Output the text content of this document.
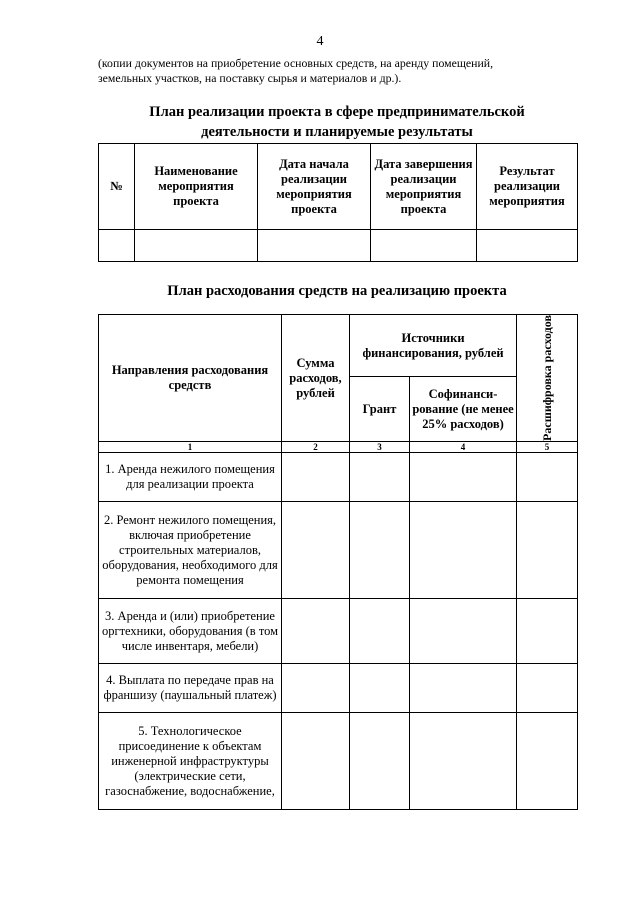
4
(копии документов на приобретение основных средств, на аренду помещений,
земельных участков, на поставку сырья и материалов и др.).
План реализации проекта в сфере предпринимательской
деятельности и планируемые результаты
№	Наименование мероприятия проекта	Дата начала реализации мероприятия проекта	Дата завершения реализации мероприятия проекта	Результат реализации мероприятия

План расходования средств на реализацию проекта
Направления расходования средств	Сумма расходов, рублей	Источники финансирования, рублей		Расшифровка расходов

		Грант	Софинанси-рование (не менее 25% расходов)	
1	2	3	4	5
1. Аренда нежилого помещения для реализации проекта				
2. Ремонт нежилого помещения, включая приобретение строительных материалов, оборудования, необходимого для ремонта помещения				
3. Аренда и (или) приобретение оргтехники, оборудования (в том числе инвентаря, мебели)				
4. Выплата по передаче прав на франшизу (паушальный платеж)				
5. Технологическое присоединение к объектам инженерной инфраструктуры (электрические сети, газоснабжение, водоснабжение,				
